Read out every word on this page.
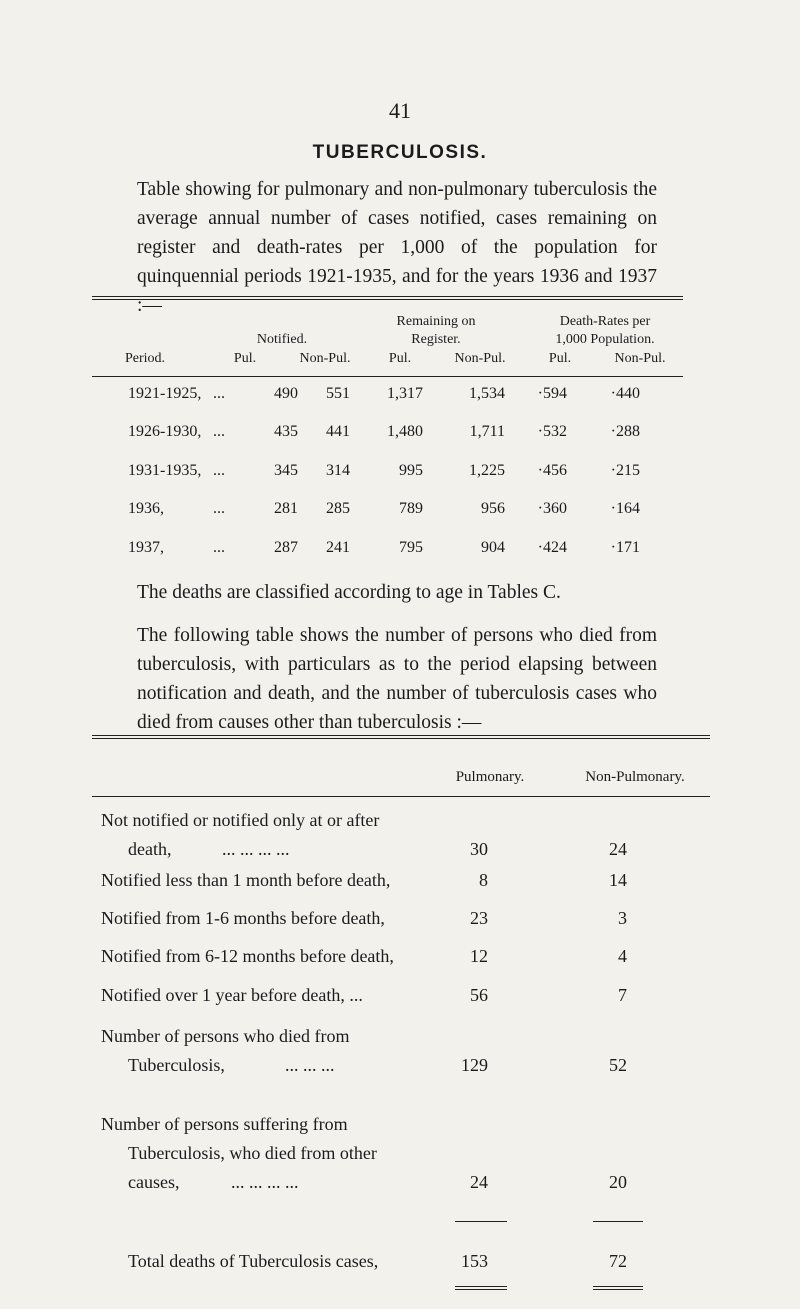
41
TUBERCULOSIS.

Table showing for pulmonary and non-pulmonary tuberculosis the average annual number of cases notified, cases remaining on register and death-rates per 1,000 of the population for quinquennial periods 1921-1935, and for the years 1936 and 1937 :—

Notified.
Remaining on
Register.
Death-Rates per
1,000 Population.
Period.	Pul.	Non-Pul.	Pul.	Non-Pul.	Pul.	Non-Pul.
1921-1925, ...	490	551	1,317	1,534	·594	·440
1926-1930, ...	435	441	1,480	1,711	·532	·288
1931-1935, ...	345	314	995	1,225	·456	·215
1936,	...	281	285	789	956	·360	·164
1937,	...	287	241	795	904	·424	·171

The deaths are classified according to age in Tables C.

The following table shows the number of persons who died from tuberculosis, with particulars as to the period elapsing between notification and death, and the number of tuberculosis cases who died from causes other than tuberculosis :—

Pulmonary.	Non-Pulmonary.
Not notified or notified only at or after
death,	... ... ... ...	30	24
Notified less than 1 month before death,	8	14
Notified from 1-6 months before death,	23	3
Notified from 6-12 months before death,	12	4
Notified over 1 year before death, ...	56	7
Number of persons who died from
Tuberculosis,	... ... ...	129	52
Number of persons suffering from
Tuberculosis, who died from other
causes,	... ... ... ...	24	20
Total deaths of Tuberculosis cases,	153	72
